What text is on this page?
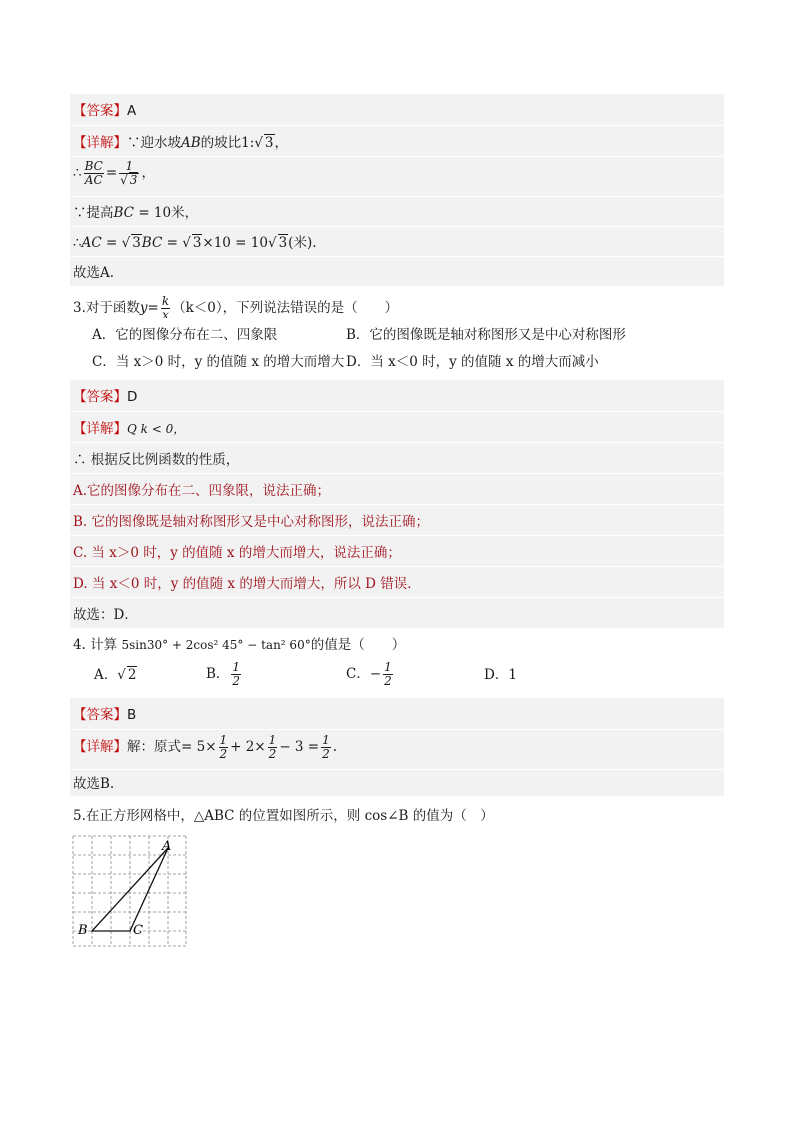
【答案】A
【详解】∵迎水坡AB的坡比1:√ 3，
∴ $\frac{BC}{AC} = \frac{1}{√ 3}$ ，
∵提高BC = 10米，
∴AC = √ 3BC = √ 3×10 = 10√ 3(米).
故选A.
3.对于函数$y= \frac{k}{x} (k<0)$，下列说法错误的是（　　）
A．它的图像分布在二、四象限	B．它的图像既是轴对称图形又是中心对称图形
C．当 x＞0 时，y 的值随 x 的增大而增大 D．当 x＜0 时，y 的值随 x 的增大而减小
【答案】D
【详解】Q k < 0，
∴ 根据反比例函数的性质，
A.它的图像分布在二、四象限，说法正确；
B. 它的图像既是轴对称图形又是中心对称图形，说法正确；
C. 当 x＞0 时，y 的值随 x 的增大而增大，说法正确；
D. 当 x＜0 时，y 的值随 x 的增大而增大，所以 D 错误．
故选：D．
4. 计算 5sin30° + 2cos² 45° − tan² 60°的值是（　　）
A．√ 2	B． $\frac{1}{2}$	C．− $\frac{1}{2}$	D．1
【答案】B
【详解】解：原式= $5\times \frac{1}{2} + 2\times \frac{1}{2} - 3 = \frac{1}{2}$ .
故选B.
5.在正方形网格中，△ABC 的位置如图所示，则 cos∠B 的值为（　）
A
B	C
